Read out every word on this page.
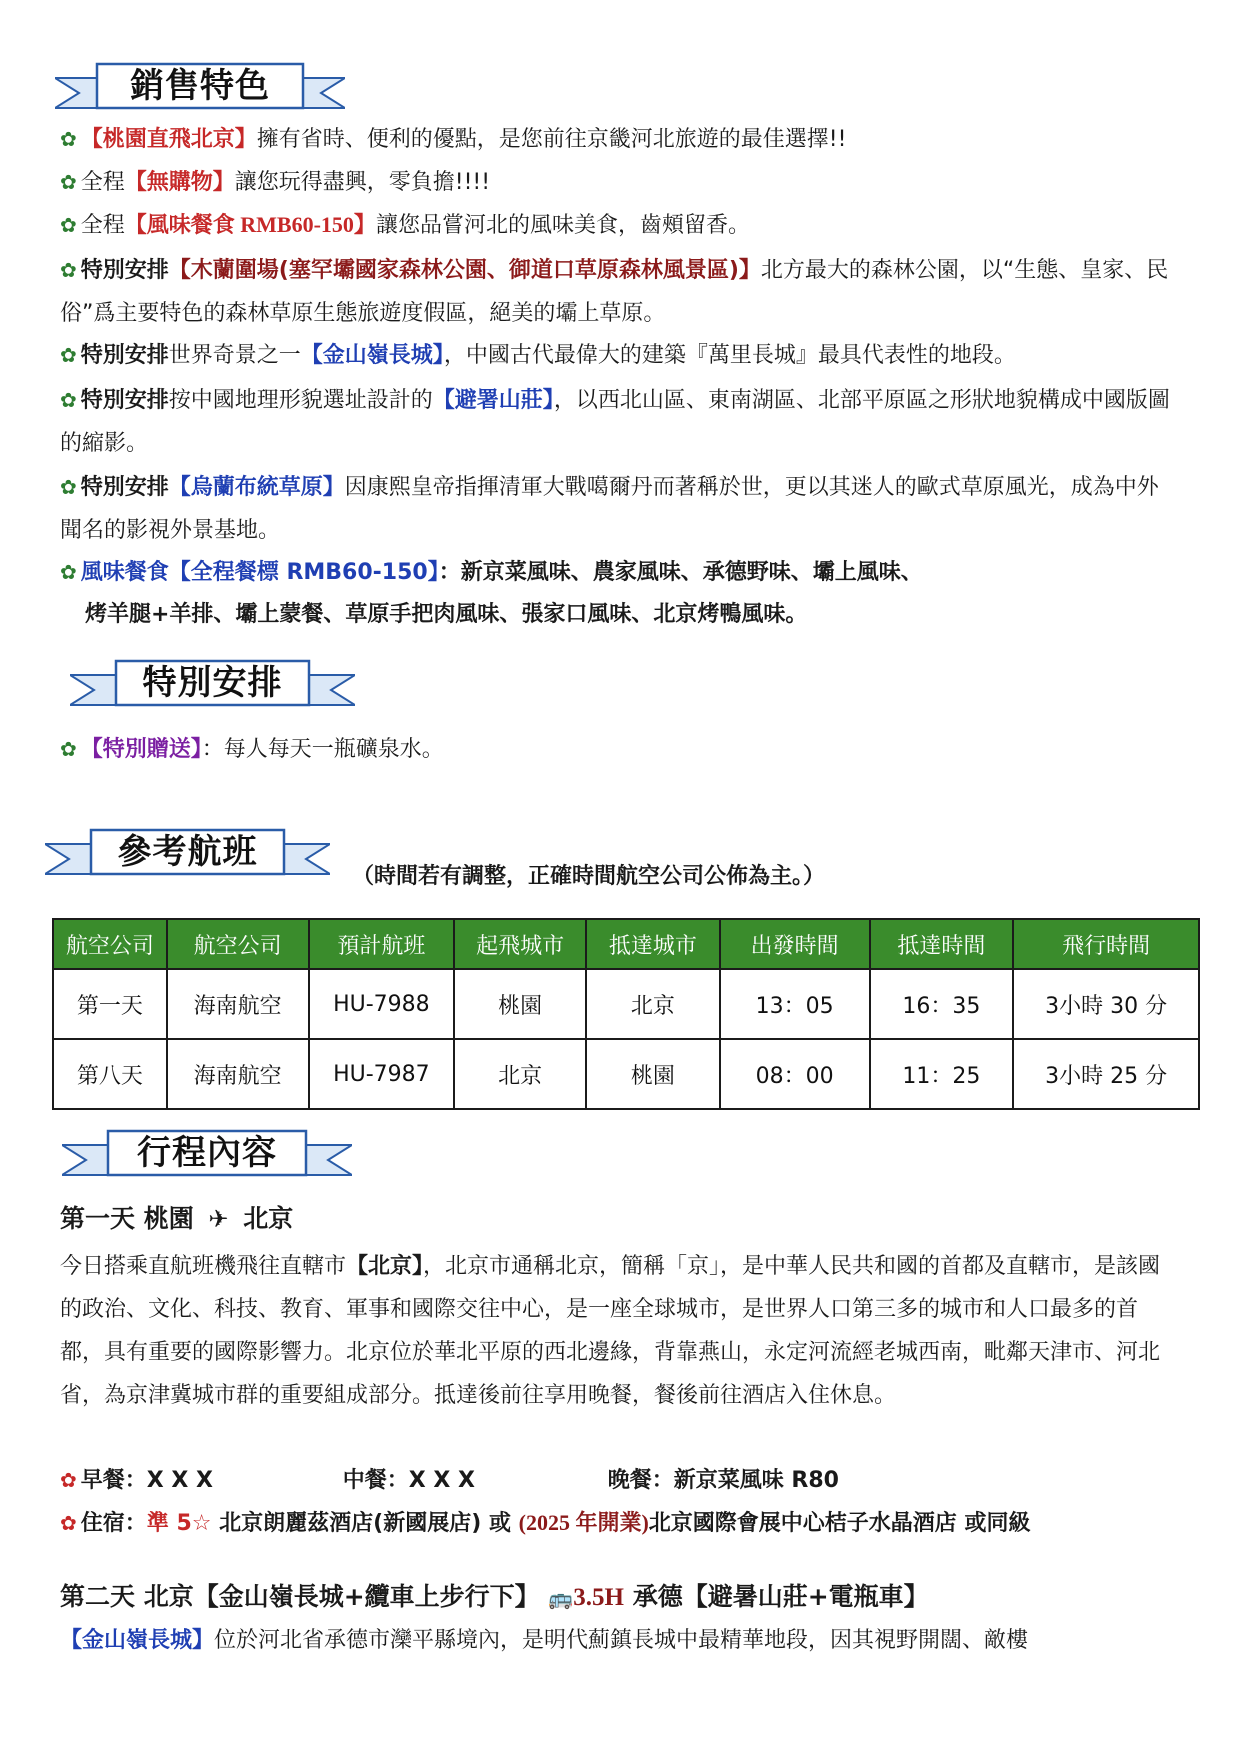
銷售特色
✿ 【桃園直飛北京】擁有省時、便利的優點，是您前往京畿河北旅遊的最佳選擇!!
✿ 全程【無購物】讓您玩得盡興，零負擔!!!!
✿ 全程【風味餐食 RMB60-150】讓您品嘗河北的風味美食，齒頰留香。
✿ 特別安排【木蘭圍場(塞罕壩國家森林公園、御道口草原森林風景區)】北方最大的森林公園，以“生態、皇家、民俗”爲主要特色的森林草原生態旅遊度假區，絕美的壩上草原。
✿ 特別安排世界奇景之一【金山嶺長城】，中國古代最偉大的建築『萬里長城』最具代表性的地段。
✿ 特別安排按中國地理形貌選址設計的【避署山莊】，以西北山區、東南湖區、北部平原區之形狀地貌構成中國版圖的縮影。
✿ 特別安排【烏蘭布統草原】因康熙皇帝指揮清軍大戰噶爾丹而著稱於世，更以其迷人的歐式草原風光，成為中外聞名的影視外景基地。
✿ 風味餐食【全程餐標 RMB60-150】：新京菜風味、農家風味、承德野味、壩上風味、
烤羊腿+羊排、壩上蒙餐、草原手把肉風味、張家口風味、北京烤鴨風味。
特別安排
✿ 【特別贈送】：每人每天一瓶礦泉水。
參考航班
（時間若有調整，正確時間航空公司公佈為主。）
航空公司	航空公司	預計航班	起飛城市	抵達城市	出發時間	抵達時間	飛行時間
第一天	海南航空	HU-7988	桃園	北京	13：05	16：35	3小時 30 分
第八天	海南航空	HU-7987	北京	桃園	08：00	11：25	3小時 25 分
行程內容
第一天 桃園 ✈ 北京
今日搭乘直航班機飛往直轄市【北京】，北京市通稱北京，簡稱「京」，是中華人民共和國的首都及直轄市，是該國的政治、文化、科技、教育、軍事和國際交往中心，是一座全球城市，是世界人口第三多的城市和人口最多的首都，具有重要的國際影響力。北京位於華北平原的西北邊緣，背靠燕山，永定河流經老城西南，毗鄰天津市、河北省，為京津冀城市群的重要組成部分。抵達後前往享用晚餐，餐後前往酒店入住休息。
✿ 早餐：X X X	中餐：X X X	晚餐：新京菜風味 R80
✿ 住宿：準 5☆ 北京朗麗茲酒店(新國展店) 或 (2025 年開業)北京國際會展中心桔子水晶酒店 或同級
第二天 北京【金山嶺長城+纜車上步行下】 🚌3.5H 承德【避暑山莊+電瓶車】
【金山嶺長城】位於河北省承德市灤平縣境內，是明代薊鎮長城中最精華地段，因其視野開闊、敵樓
